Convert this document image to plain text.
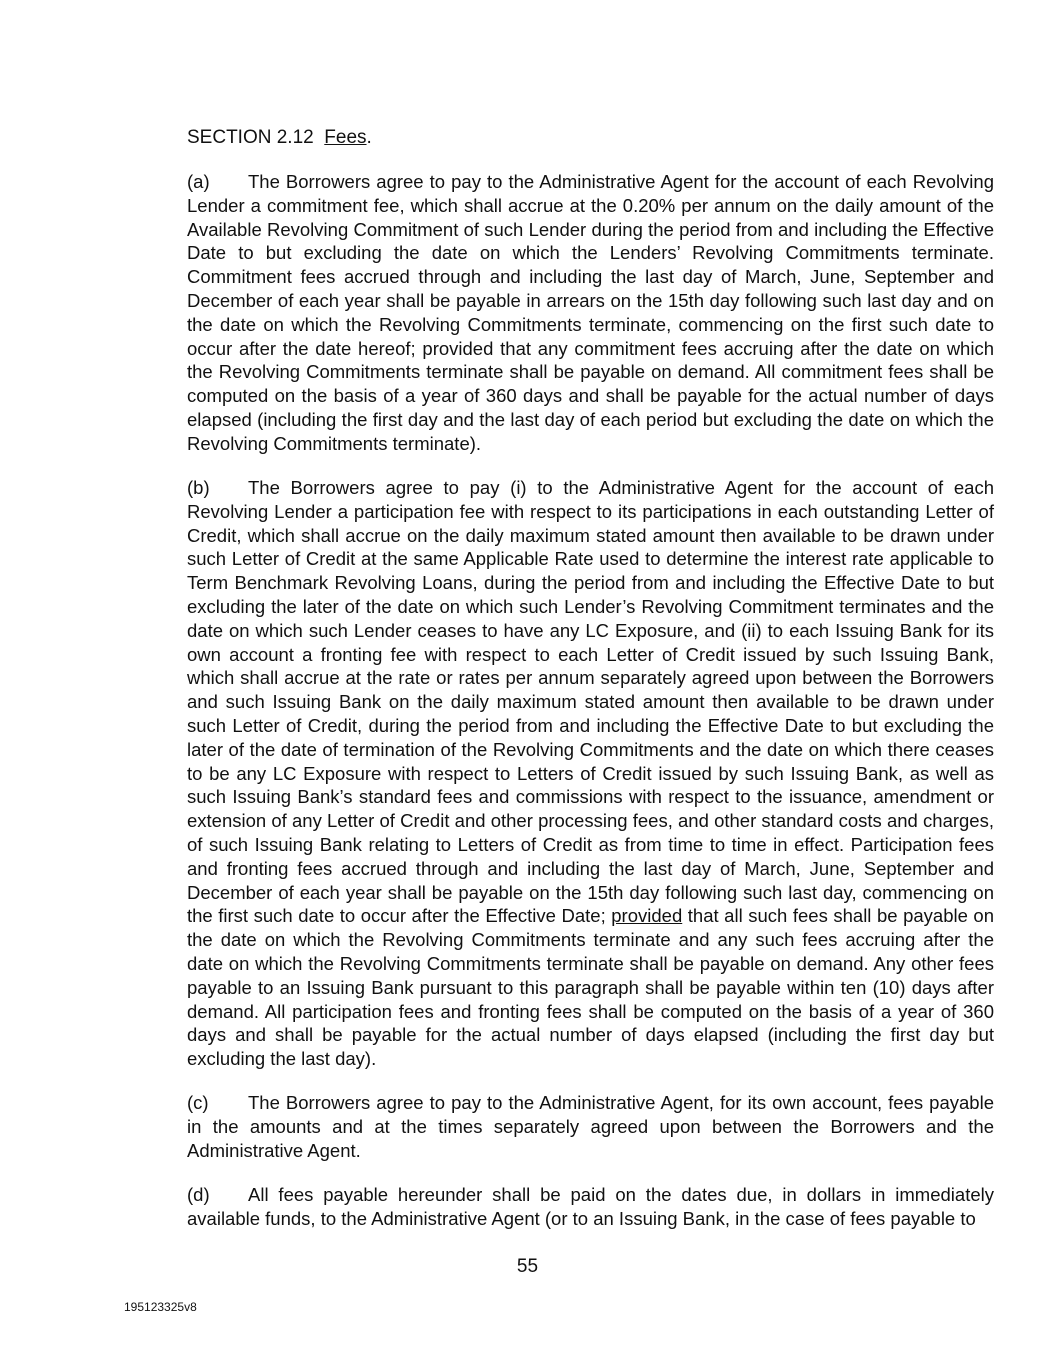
SECTION 2.12 Fees.
(a) The Borrowers agree to pay to the Administrative Agent for the account of each Revolving Lender a commitment fee, which shall accrue at the 0.20% per annum on the daily amount of the Available Revolving Commitment of such Lender during the period from and including the Effective Date to but excluding the date on which the Lenders’ Revolving Commitments terminate. Commitment fees accrued through and including the last day of March, June, September and December of each year shall be payable in arrears on the 15th day following such last day and on the date on which the Revolving Commitments terminate, commencing on the first such date to occur after the date hereof; provided that any commitment fees accruing after the date on which the Revolving Commitments terminate shall be payable on demand. All commitment fees shall be computed on the basis of a year of 360 days and shall be payable for the actual number of days elapsed (including the first day and the last day of each period but excluding the date on which the Revolving Commitments terminate).
(b) The Borrowers agree to pay (i) to the Administrative Agent for the account of each Revolving Lender a participation fee with respect to its participations in each outstanding Letter of Credit, which shall accrue on the daily maximum stated amount then available to be drawn under such Letter of Credit at the same Applicable Rate used to determine the interest rate applicable to Term Benchmark Revolving Loans, during the period from and including the Effective Date to but excluding the later of the date on which such Lender’s Revolving Commitment terminates and the date on which such Lender ceases to have any LC Exposure, and (ii) to each Issuing Bank for its own account a fronting fee with respect to each Letter of Credit issued by such Issuing Bank, which shall accrue at the rate or rates per annum separately agreed upon between the Borrowers and such Issuing Bank on the daily maximum stated amount then available to be drawn under such Letter of Credit, during the period from and including the Effective Date to but excluding the later of the date of termination of the Revolving Commitments and the date on which there ceases to be any LC Exposure with respect to Letters of Credit issued by such Issuing Bank, as well as such Issuing Bank’s standard fees and commissions with respect to the issuance, amendment or extension of any Letter of Credit and other processing fees, and other standard costs and charges, of such Issuing Bank relating to Letters of Credit as from time to time in effect. Participation fees and fronting fees accrued through and including the last day of March, June, September and December of each year shall be payable on the 15th day following such last day, commencing on the first such date to occur after the Effective Date; provided that all such fees shall be payable on the date on which the Revolving Commitments terminate and any such fees accruing after the date on which the Revolving Commitments terminate shall be payable on demand. Any other fees payable to an Issuing Bank pursuant to this paragraph shall be payable within ten (10) days after demand. All participation fees and fronting fees shall be computed on the basis of a year of 360 days and shall be payable for the actual number of days elapsed (including the first day but excluding the last day).
(c) The Borrowers agree to pay to the Administrative Agent, for its own account, fees payable in the amounts and at the times separately agreed upon between the Borrowers and the Administrative Agent.
(d) All fees payable hereunder shall be paid on the dates due, in dollars in immediately available funds, to the Administrative Agent (or to an Issuing Bank, in the case of fees payable to
55
195123325v8
